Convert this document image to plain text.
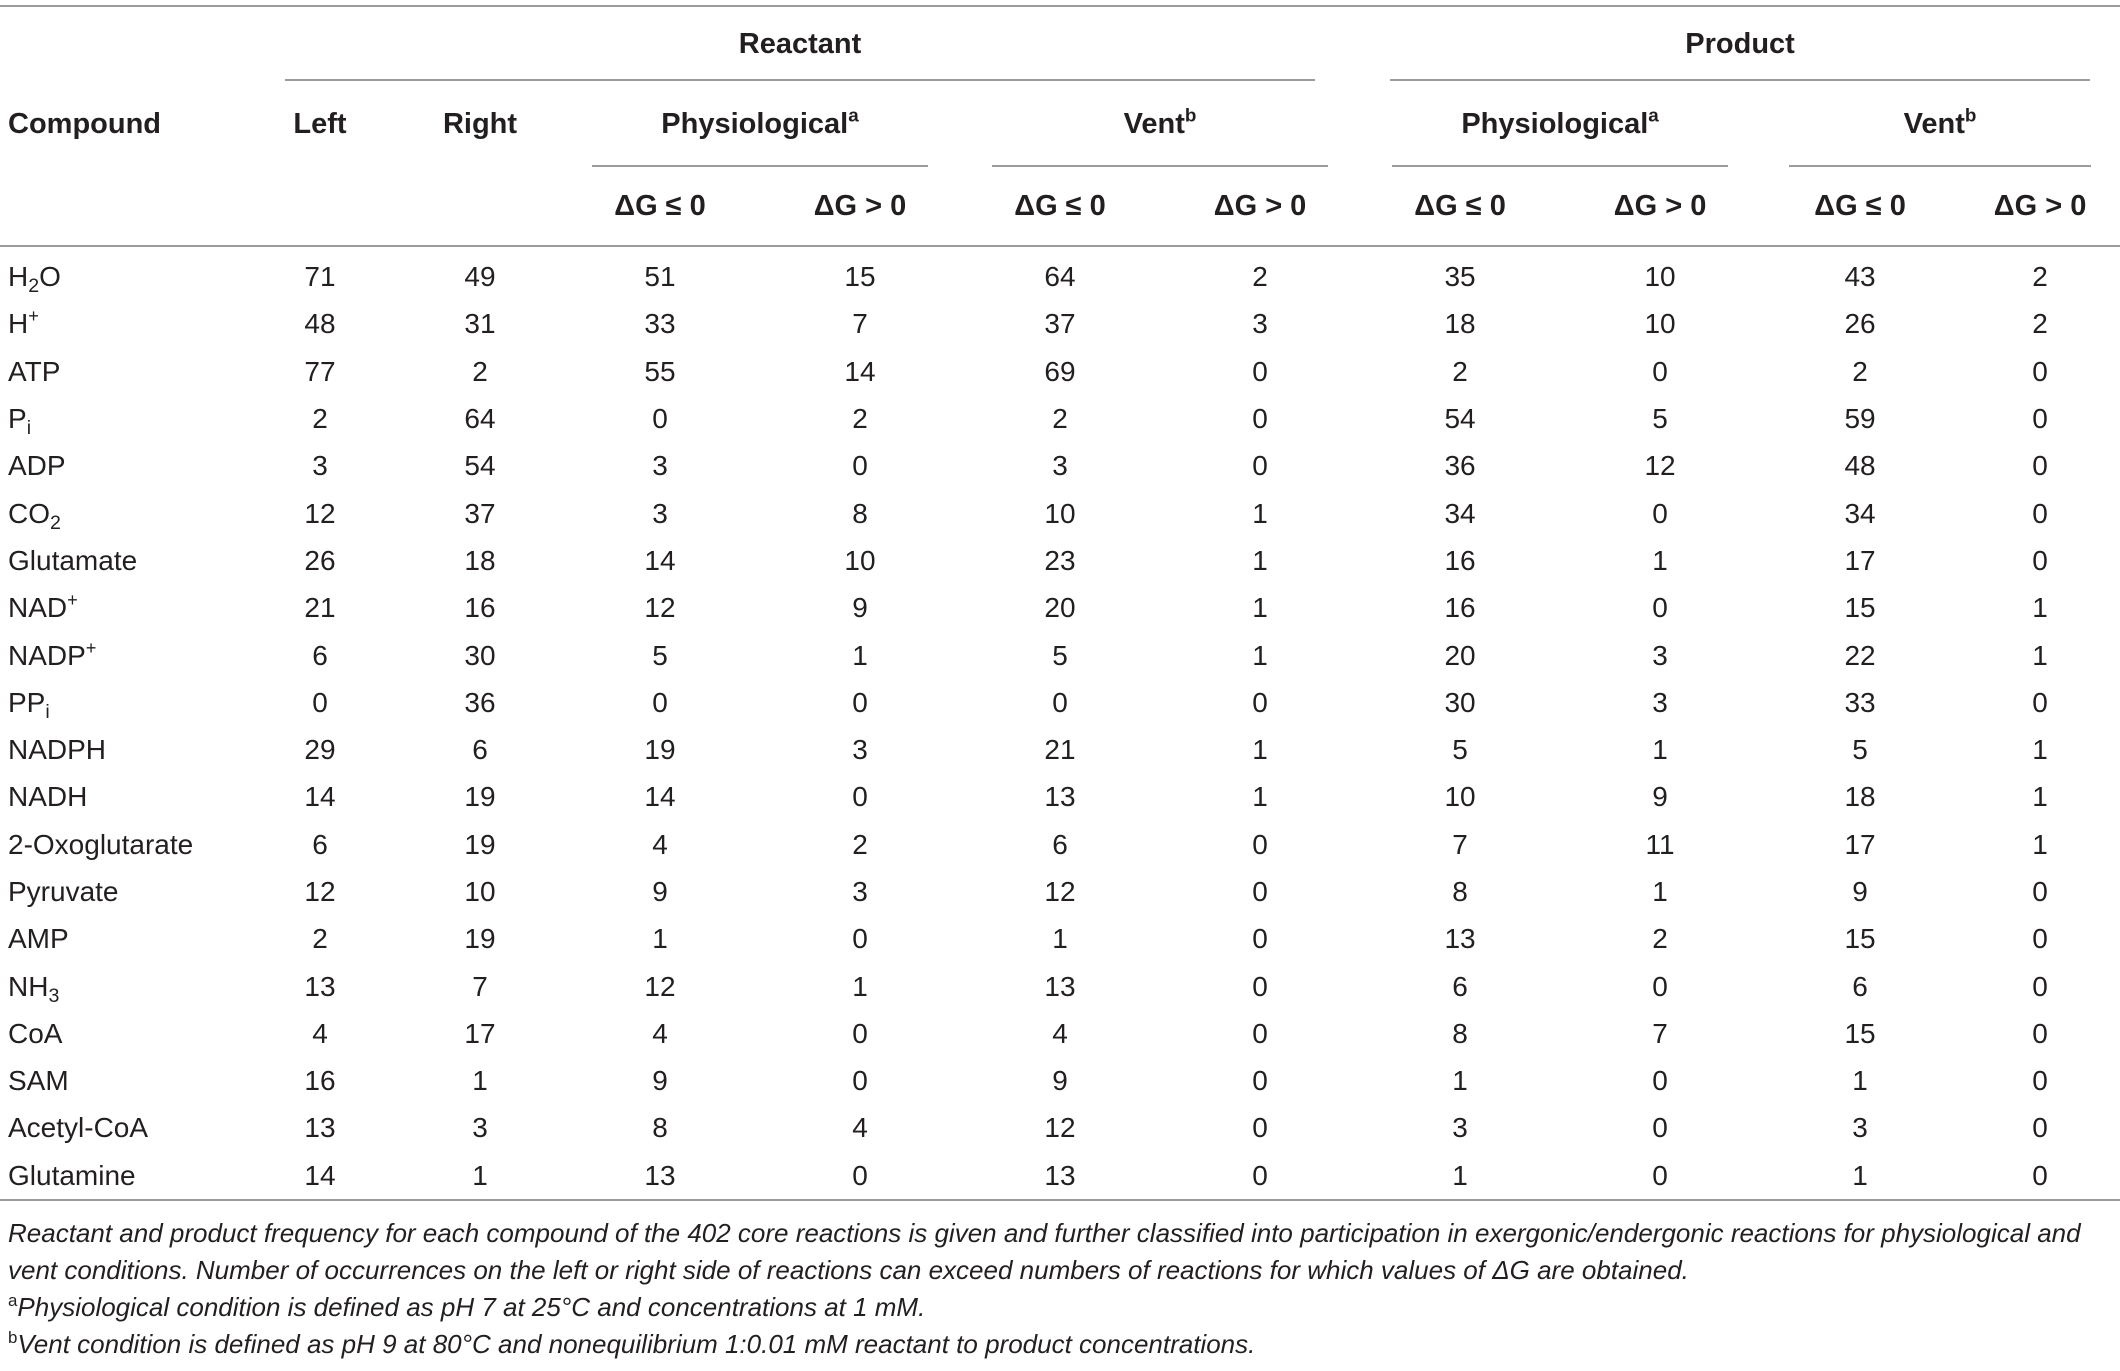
	Reactant						Product			
Compound	Left	Right	Physiological$^a$		Vent$^b$		Physiological$^a$		Vent$^b$
			ΔG ≤ 0	ΔG > 0	ΔG ≤ 0	ΔG > 0	ΔG ≤ 0	ΔG > 0	ΔG ≤ 0	ΔG > 0
$H_2O$	71	49	51	15	64	2	35	10	43	2
H+	48	31	33	7	37	3	18	10	26	2
ATP	77	2	55	14	69	0	2	0	2	0
$P_i$	2	64	0	2	2	0	54	5	59	0
ADP	3	54	3	0	3	0	36	12	48	0
$CO_2$	12	37	3	8	10	1	34	0	34	0
Glutamate	26	18	14	10	23	1	16	1	17	0
NAD+	21	16	12	9	20	1	16	0	15	1
NADP+	6	30	5	1	5	1	20	3	22	1
$PP_i$	0	36	0	0	0	0	30	3	33	0
NADPH	29	6	19	3	21	1	5	1	5	1
NADH	14	19	14	0	13	1	10	9	18	1
2-Oxoglutarate	6	19	4	2	6	0	7	11	17	1
Pyruvate	12	10	9	3	12	0	8	1	9	0
AMP	2	19	1	0	1	0	13	2	15	0
$NH_3$	13	7	12	1	13	0	6	0	6	0
CoA	4	17	4	0	4	0	8	7	15	0
SAM	16	1	9	0	9	0	1	0	1	0
Acetyl-CoA	13	3	8	4	12	0	3	0	3	0
Glutamine	14	1	13	0	13	0	1	0	1	0

Reactant and product frequency for each compound of the 402 core reactions is given and further classified into participation in exergonic/endergonic reactions for physiological and vent conditions. Number of occurrences on the left or right side of reactions can exceed numbers of reactions for which values of ΔG are obtained.

$^a$Physiological condition is defined as pH 7 at 25°C and concentrations at 1 mM.

$^b$Vent condition is defined as pH 9 at 80°C and nonequilibrium 1:0.01 mM reactant to product concentrations.
